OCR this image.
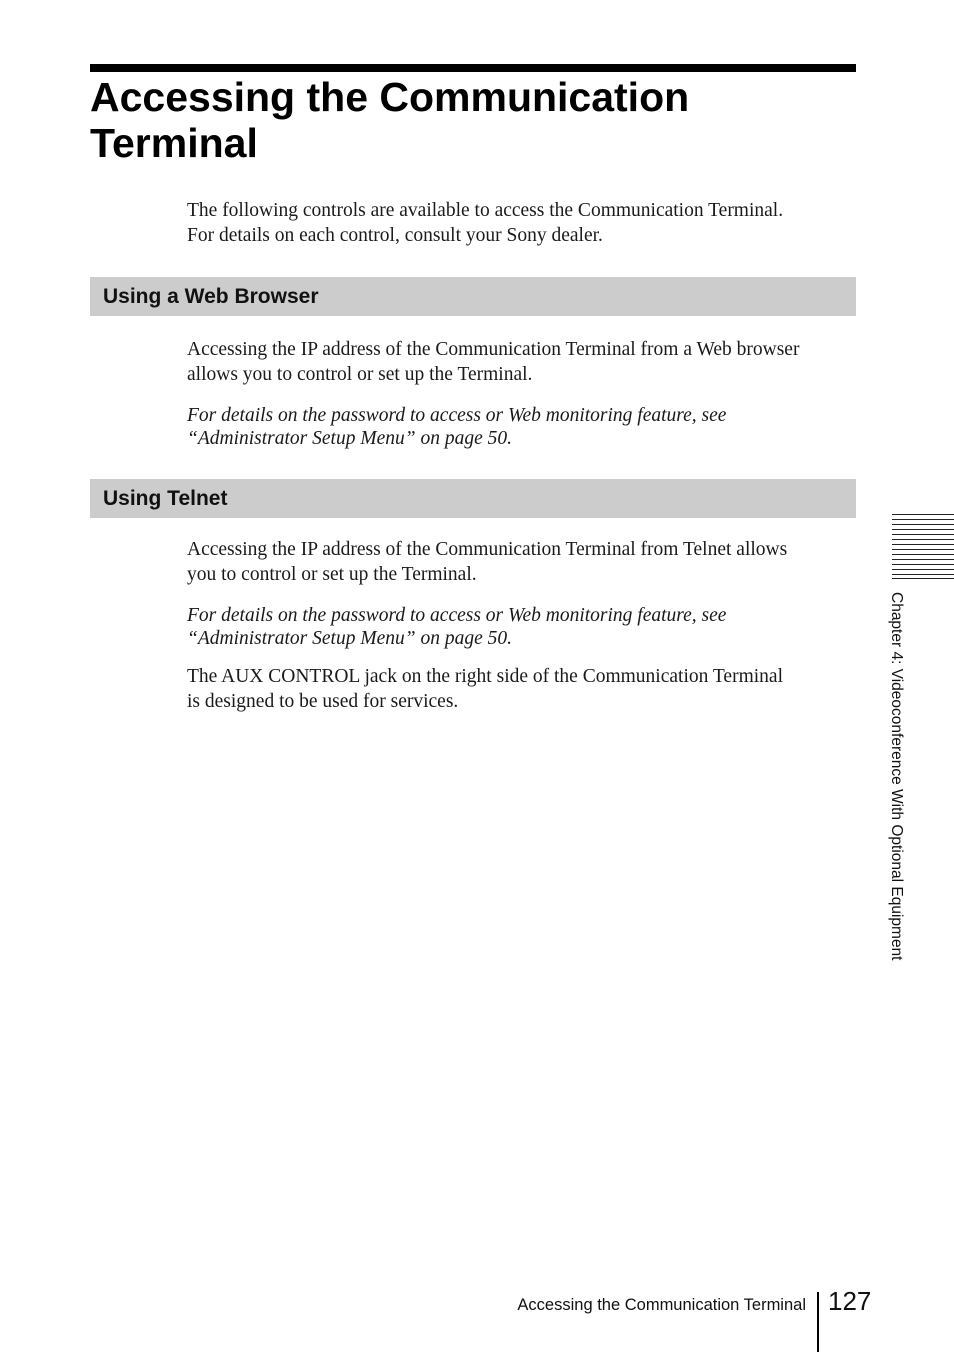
Accessing the Communication
Terminal

The following controls are available to access the Communication Terminal.
For details on each control, consult your Sony dealer.

Using a Web Browser

Accessing the IP address of the Communication Terminal from a Web browser
allows you to control or set up the Terminal.

For details on the password to access or Web monitoring feature, see
“Administrator Setup Menu” on page 50.

Using Telnet

Accessing the IP address of the Communication Terminal from Telnet allows
you to control or set up the Terminal.

For details on the password to access or Web monitoring feature, see
“Administrator Setup Menu” on page 50.

The AUX CONTROL jack on the right side of the Communication Terminal
is designed to be used for services.	Chapter 4: Videoconference With Optional Equipment
Accessing the Communication Terminal 127
